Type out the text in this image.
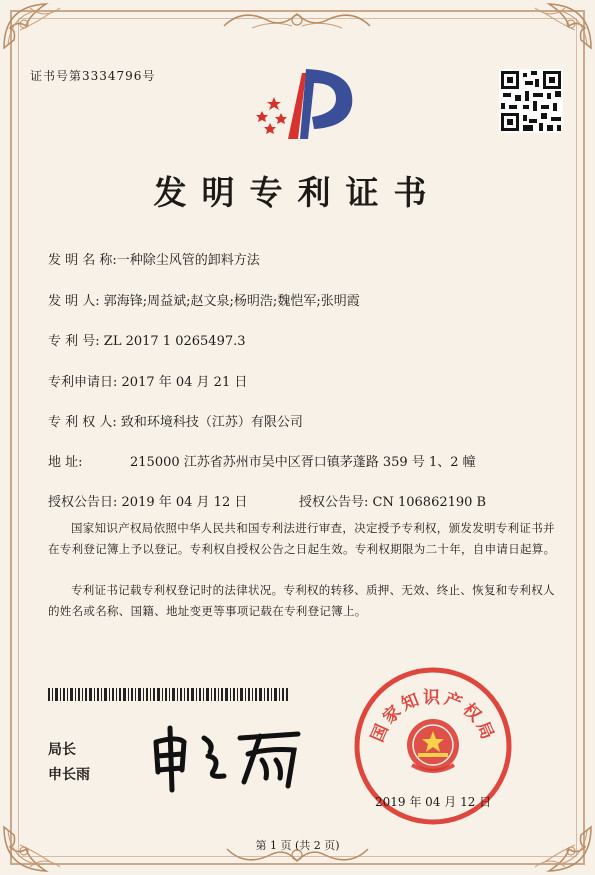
证书号第3334796号
发明专利证书
发 明 名 称:一种除尘风管的卸料方法
发 明 人: 郭海锋;周益斌;赵文泉;杨明浩;魏恺军;张明霞
专 利 号: ZL 2017 1 0265497.3
专利申请日: 2017 年 04 月 21 日
专 利 权 人: 致和环境科技（江苏）有限公司
地 址:	215000 江苏省苏州市吴中区胥口镇茅蓬路 359 号 1、2 幢
授权公告日: 2019 年 04 月 12 日	授权公告号: CN 106862190 B
国家知识产权局依照中华人民共和国专利法进行审查，决定授予专利权，颁发发明专利证书并在专利登记簿上予以登记。专利权自授权公告之日起生效。专利权期限为二十年，自申请日起算。
专利证书记载专利权登记时的法律状况。专利权的转移、质押、无效、终止、恢复和专利权人的姓名或名称、国籍、地址变更等事项记载在专利登记簿上。
局长
申长雨
国家知识产权局
2019 年 04 月 12 日
第 1 页 (共 2 页)
